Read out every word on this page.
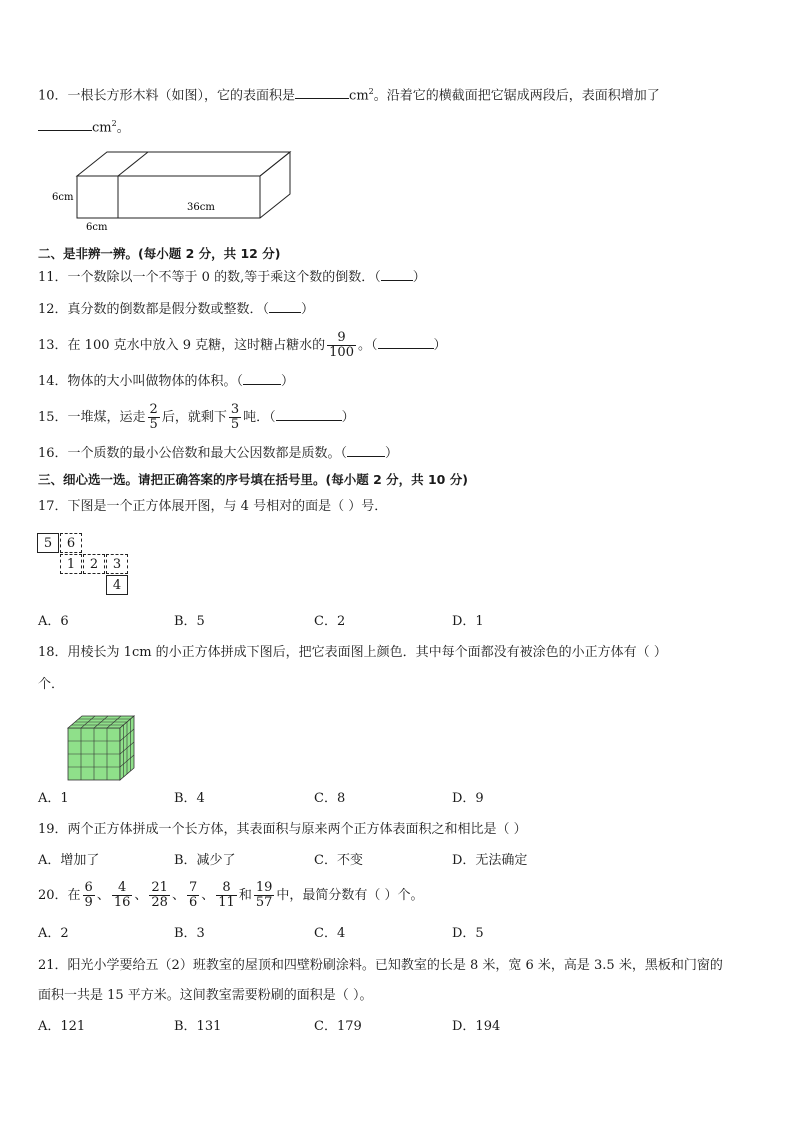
10．一根长方形木料（如图），它的表面积是	$cm^2$。沿着它的横截面把它锯成两段后，表面积增加了
$cm^2$。
6cm
6cm
36cm
二、是非辨一辨。(每小题 2 分，共 12 分)
11．一个数除以一个不等于 0 的数,等于乘这个数的倒数．（ ）
12．真分数的倒数都是假分数或整数．（ ）
13．在 100 克水中放入 9 克糖，这时糖占糖水的 $\frac{9}{100}$ 。（	）
14．物体的大小叫做物体的体积。（	）
15．一堆煤，运走 $\frac{2}{5}$ 后，就剩下 $\frac{3}{5}$ 吨．（	）
16．一个质数的最小公倍数和最大公因数都是质数。（	）
三、细心选一选。请把正确答案的序号填在括号里。(每小题 2 分，共 10 分)
17．下图是一个正方体展开图，与 4 号相对的面是（ ）号．
5	6
1	2	3
4
A．6	B．5	C．2	D．1
18．用棱长为 1cm 的小正方体拼成下图后，把它表面图上颜色．其中每个面都没有被涂色的小正方体有（ ）
个．
A．1	B．4	C．8	D．9
19．两个正方体拼成一个长方体，其表面积与原来两个正方体表面积之和相比是（ ）
A．增加了	B．减少了	C．不变	D．无法确定
20．在 $\frac{6}{9}$ 、 $\frac{4}{16}$ 、 $\frac{21}{28}$ 、 $\frac{7}{6}$ 、 $\frac{8}{11}$ 和 $\frac{19}{57}$ 中，最简分数有（ ）个。
A．2	B．3	C．4	D．5
21．阳光小学要给五（2）班教室的屋顶和四壁粉刷涂料。已知教室的长是 8 米，宽 6 米，高是 3.5 米，黑板和门窗的
面积一共是 15 平方米。这间教室需要粉刷的面积是（ ）。
A．121	B．131	C．179	D．194
